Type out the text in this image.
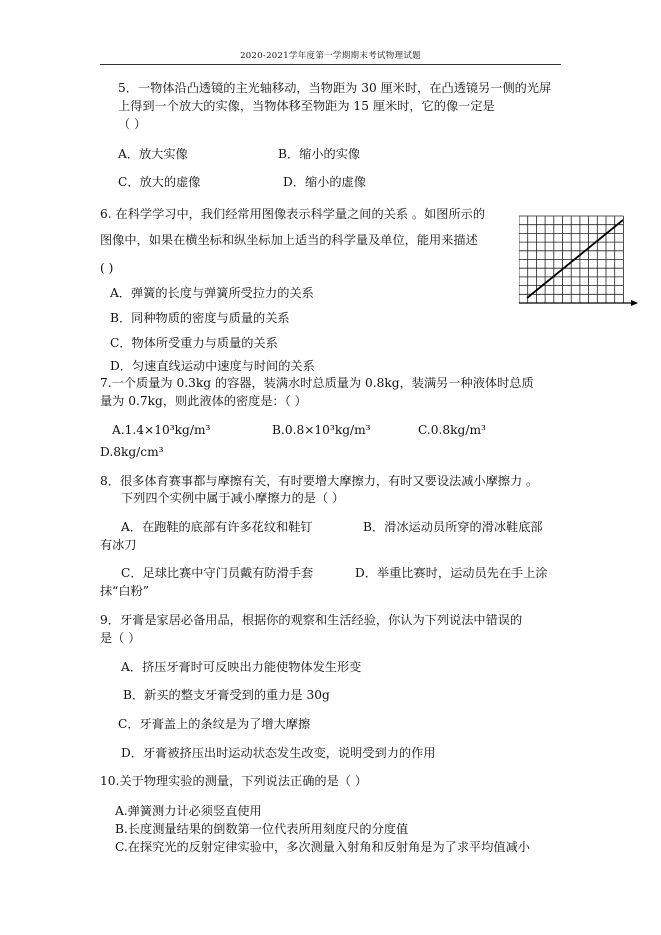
2020-2021学年度第一学期期末考试物理试题
5．一物体沿凸透镜的主光轴移动，当物距为 30 厘米时，在凸透镜另一侧的光屏
上得到一个放大的实像，当物体移至物距为 15 厘米时，它的像一定是
（ ）
A．放大实像	B．缩小的实像
C．放大的虚像	D．缩小的虚像
6. 在科学学习中，我们经常用图像表示科学量之间的关系 。如图所示的
图像中，如果在横坐标和纵坐标加上适当的科学量及单位，能用来描述
( )
A．弹簧的长度与弹簧所受拉力的关系
B．同种物质的密度与质量的关系
C．物体所受重力与质量的关系
D．匀速直线运动中速度与时间的关系
7.一个质量为 0.3kg 的容器，装满水时总质量为 0.8kg，装满另一种液体时总质
量为 0.7kg，则此液体的密度是：（ ）
A.1.4×10³kg/m³	B.0.8×10³kg/m³	C.0.8kg/m³
D.8kg/cm³
8．很多体育赛事都与摩擦有关，有时要增大摩擦力，有时又要设法减小摩擦力 。
下列四个实例中属于减小摩擦力的是（ ）
A．在跑鞋的底部有许多花纹和鞋钉	B．滑冰运动员所穿的滑冰鞋底部
有冰刀
C．足球比赛中守门员戴有防滑手套	D．举重比赛时，运动员先在手上涂
抹“白粉”
9．牙膏是家居必备用品，根据你的观察和生活经验，你认为下列说法中错误的
是（ ）
A．挤压牙膏时可反映出力能使物体发生形变
B．新买的整支牙膏受到的重力是 30g
C．牙膏盖上的条纹是为了增大摩擦
D．牙膏被挤压出时运动状态发生改变，说明受到力的作用
10.关于物理实验的测量，下列说法正确的是（ ）
A.弹簧测力计必须竖直使用
B.长度测量结果的倒数第一位代表所用刻度尺的分度值
C.在探究光的反射定律实验中，多次测量入射角和反射角是为了求平均值减小
